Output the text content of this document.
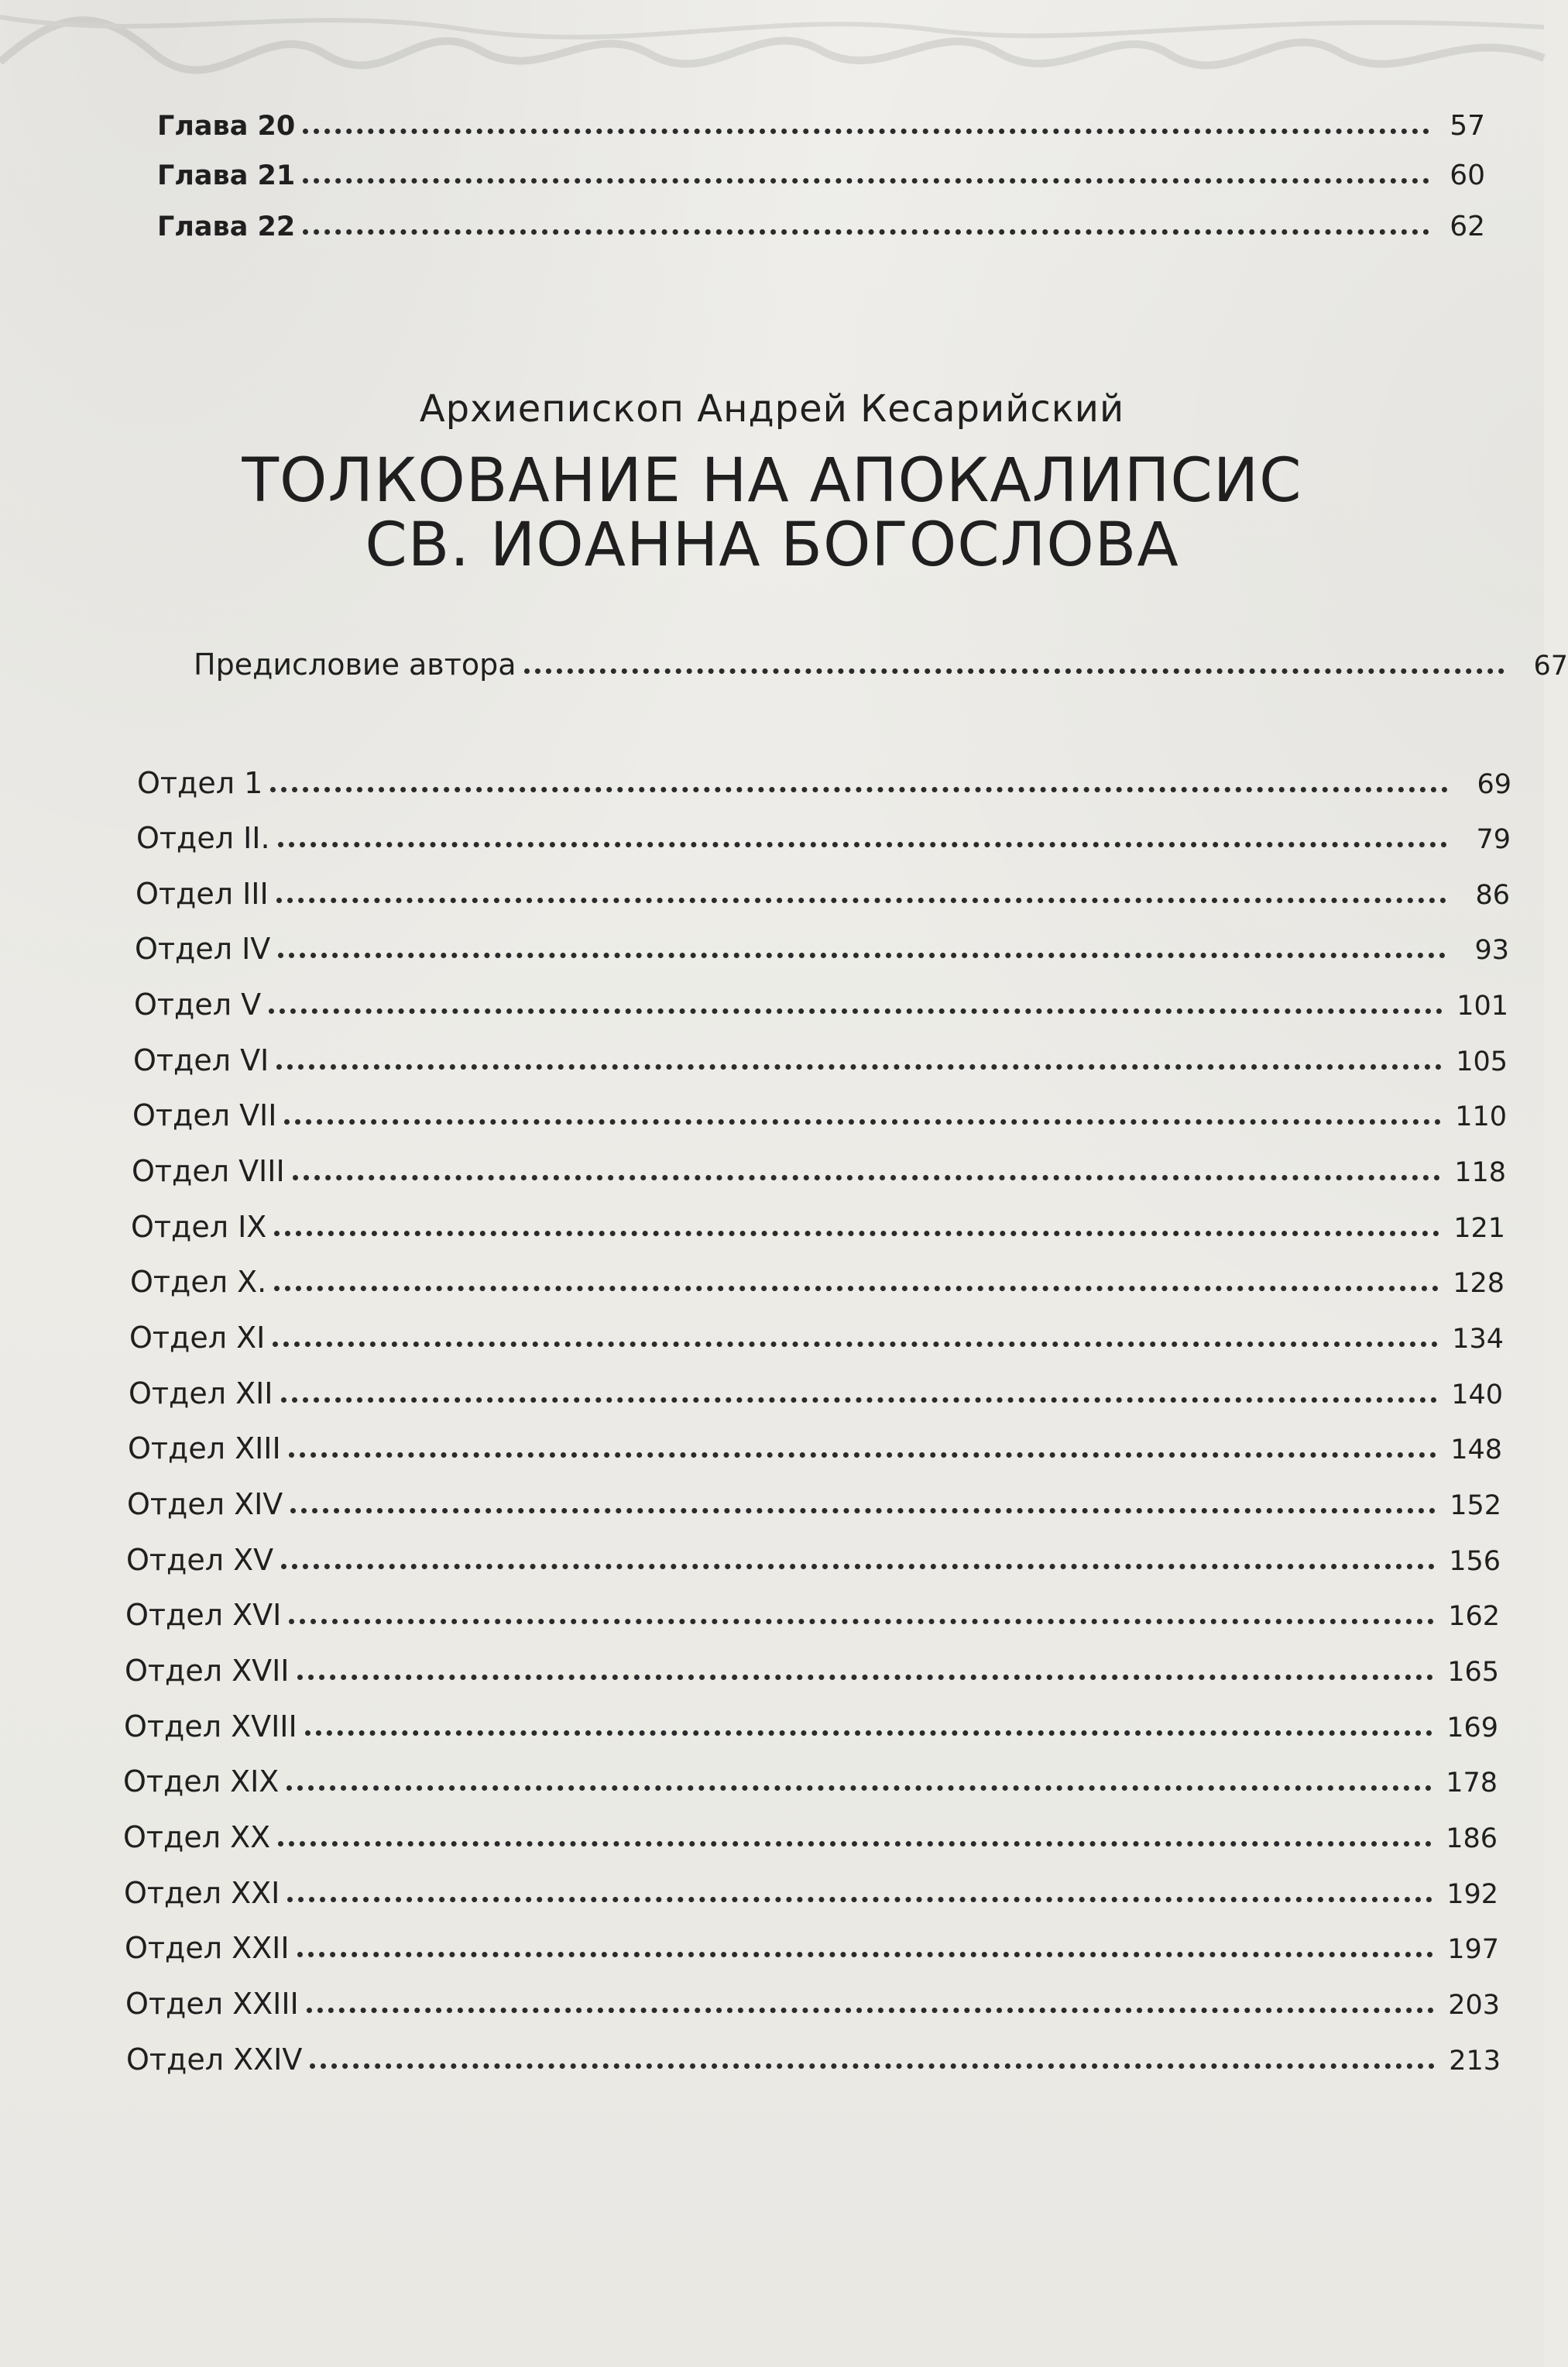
Глава 20	57
Глава 21	60
Глава 22	62

Архиепископ Андрей Кесарийский

ТОЛКОВАНИЕ НА АПОКАЛИПСИС
СВ. ИОАННА БОГОСЛОВА
Предисловие автора	67
Отдел 1	69
Отдел II.	79
Отдел III	86
Отдел IV	93
Отдел V	101
Отдел VI	105
Отдел VII	110
Отдел VIII	118
Отдел IX	121
Отдел X.	128
Отдел XI	134
Отдел XII	140
Отдел XIII	148
Отдел XIV	152
Отдел XV	156
Отдел XVI	162
Отдел XVII	165
Отдел XVIII	169
Отдел XIX	178
Отдел XX	186
Отдел XXI	192
Отдел XXII	197
Отдел XXIII	203
Отдел XXIV	213
